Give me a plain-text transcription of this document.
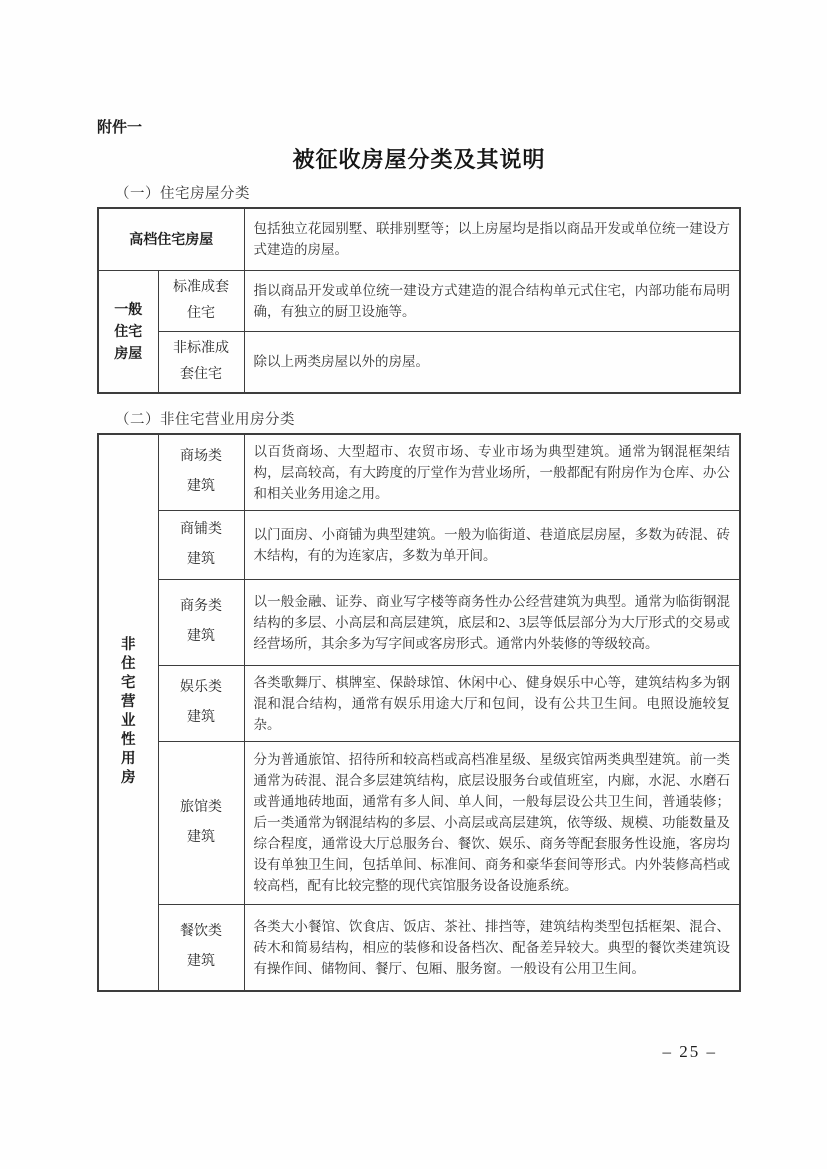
附件一
被征收房屋分类及其说明
（一）住宅房屋分类
高档住宅房屋		包括独立花园别墅、联排别墅等；以上房屋均是指以商品开发或单位统一建设方式建造的房屋。
一般住宅房屋	标准成套住宅	指以商品开发或单位统一建设方式建造的混合结构单元式住宅，内部功能布局明确，有独立的厨卫设施等。
	非标准成套住宅	除以上两类房屋以外的房屋。
（二）非住宅营业用房分类
非住宅营业性用房	商场类建筑	以百货商场、大型超市、农贸市场、专业市场为典型建筑。通常为钢混框架结构，层高较高，有大跨度的厅堂作为营业场所，一般都配有附房作为仓库、办公和相关业务用途之用。
	商铺类建筑	以门面房、小商铺为典型建筑。一般为临街道、巷道底层房屋，多数为砖混、砖木结构，有的为连家店，多数为单开间。
	商务类建筑	以一般金融、证券、商业写字楼等商务性办公经营建筑为典型。通常为临街钢混结构的多层、小高层和高层建筑，底层和2、3层等低层部分为大厅形式的交易或经营场所，其余多为写字间或客房形式。通常内外装修的等级较高。
	娱乐类建筑	各类歌舞厅、棋牌室、保龄球馆、休闲中心、健身娱乐中心等，建筑结构多为钢混和混合结构，通常有娱乐用途大厅和包间，设有公共卫生间。电照设施较复杂。
	旅馆类建筑	分为普通旅馆、招待所和较高档或高档准星级、星级宾馆两类典型建筑。前一类通常为砖混、混合多层建筑结构，底层设服务台或值班室，内廊，水泥、水磨石或普通地砖地面，通常有多人间、单人间，一般每层设公共卫生间，普通装修；后一类通常为钢混结构的多层、小高层或高层建筑，依等级、规模、功能数量及综合程度，通常设大厅总服务台、餐饮、娱乐、商务等配套服务性设施，客房均设有单独卫生间，包括单间、标准间、商务和豪华套间等形式。内外装修高档或较高档，配有比较完整的现代宾馆服务设备设施系统。
	餐饮类建筑	各类大小餐馆、饮食店、饭店、茶社、排挡等，建筑结构类型包括框架、混合、砖木和简易结构，相应的装修和设备档次、配备差异较大。典型的餐饮类建筑设有操作间、储物间、餐厅、包厢、服务窗。一般设有公用卫生间。
– 25 –
